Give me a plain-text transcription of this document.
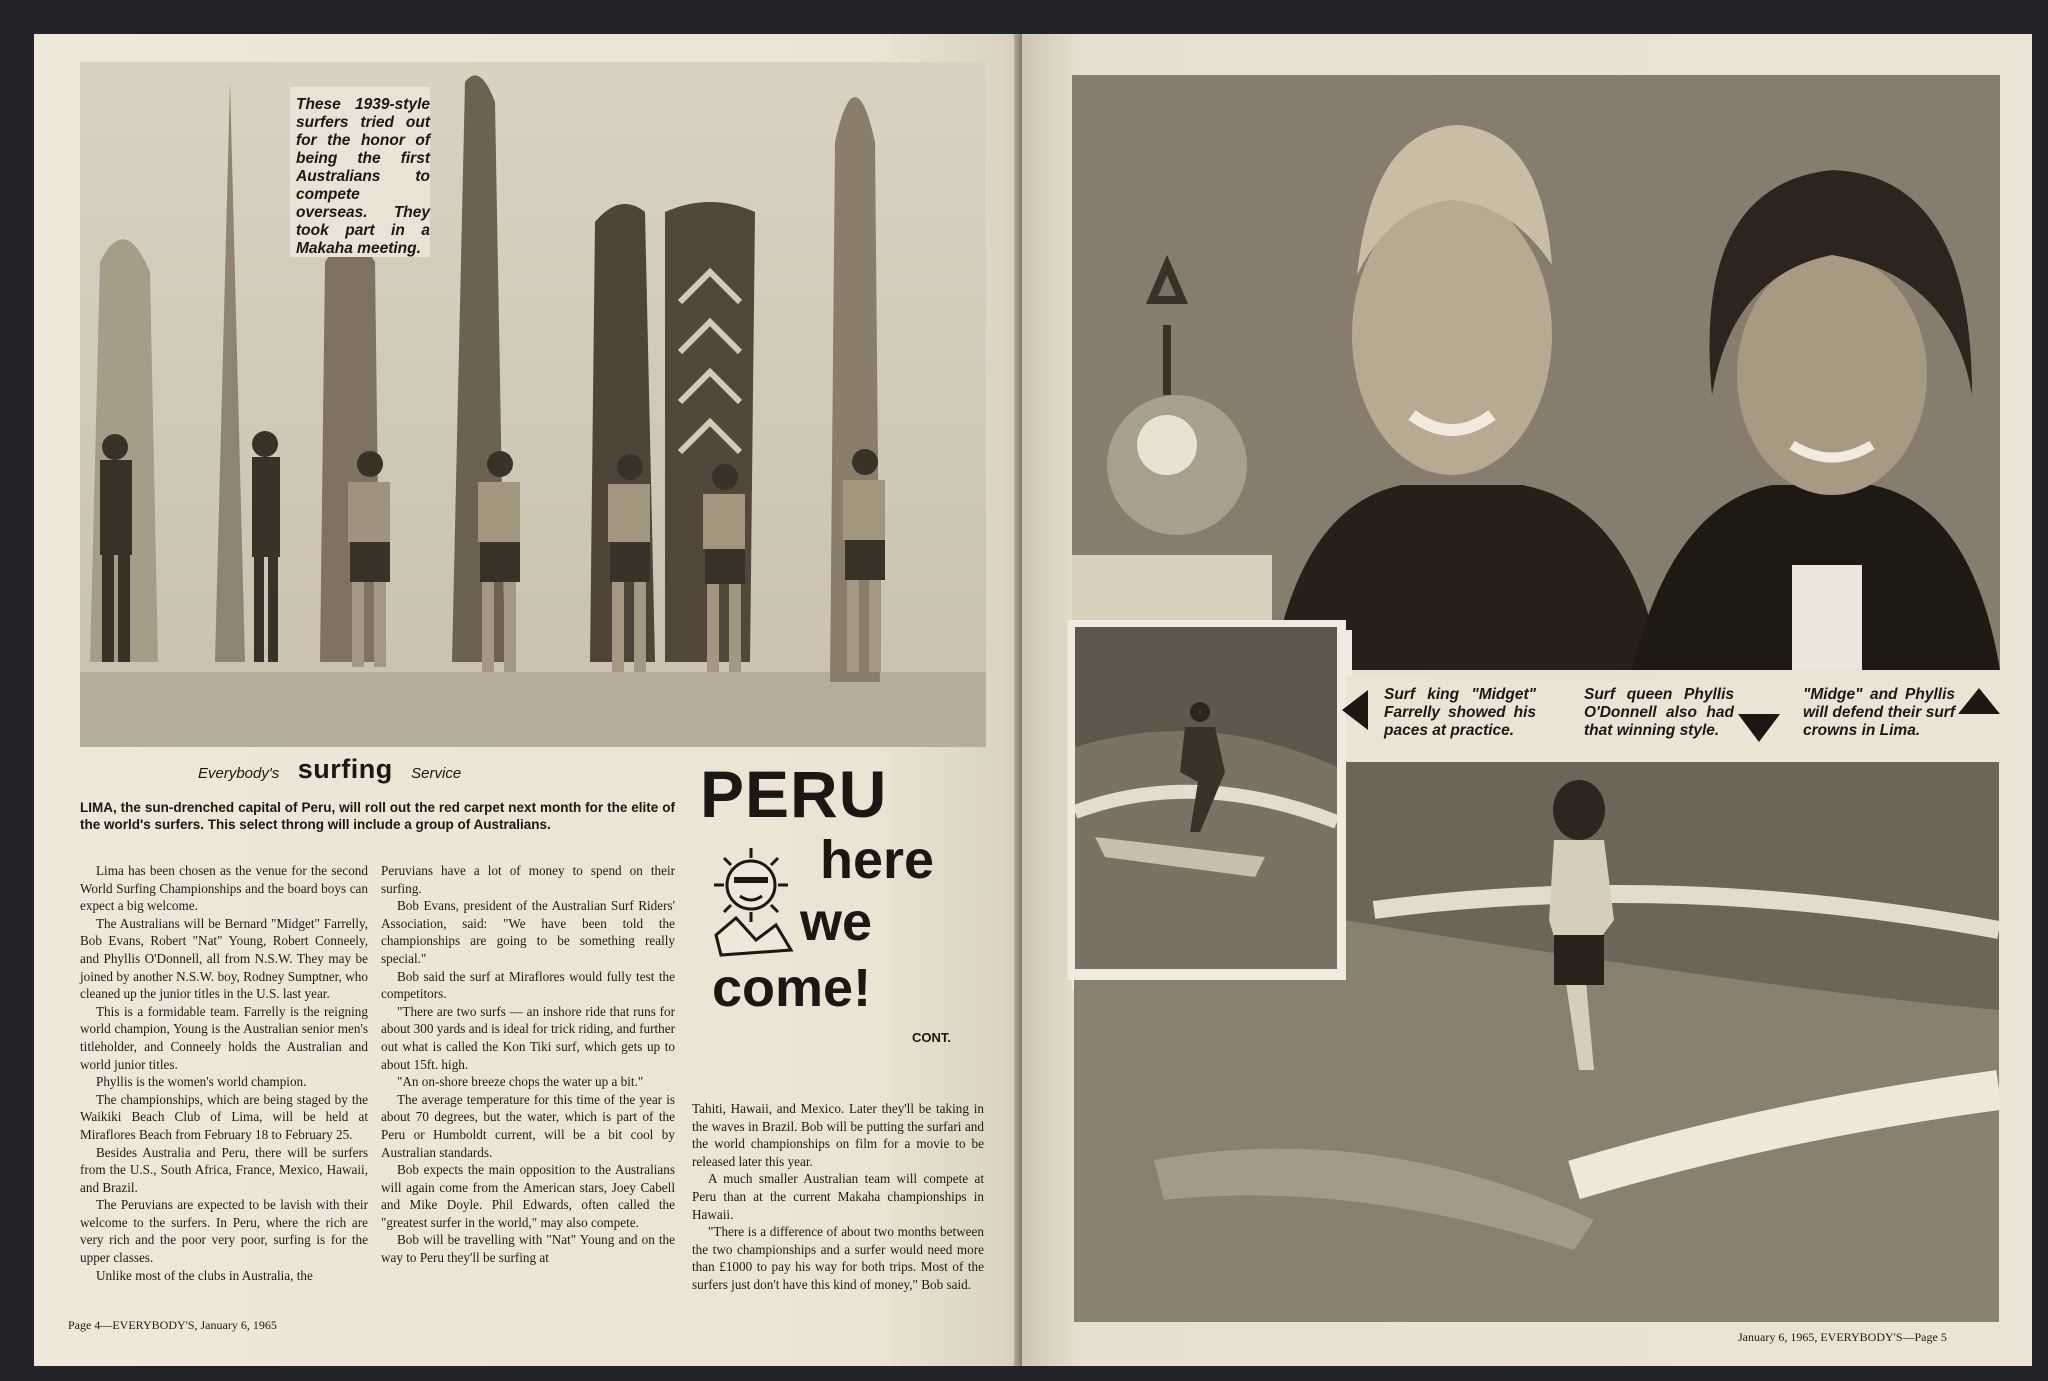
These 1939-style surfers tried out for the honor of being the first Australians to compete overseas. They took part in a Makaha meeting.
Everybody's surfing Service
LIMA, the sun-drenched capital of Peru, will roll out the red carpet next month for the elite of the world's surfers. This select throng will include a group of Australians.	PERU
here
we
come!
CONT.

Lima has been chosen as the venue for the second World Surfing Championships and the board boys can expect a big welcome.

The Australians will be Bernard "Midget" Farrelly, Bob Evans, Robert "Nat" Young, Robert Conneely, and Phyllis O'Donnell, all from N.S.W. They may be joined by another N.S.W. boy, Rodney Sumptner, who cleaned up the junior titles in the U.S. last year.

This is a formidable team. Farrelly is the reigning world champion, Young is the Australian senior men's titleholder, and Conneely holds the Australian and world junior titles.

Phyllis is the women's world champion.

The championships, which are being staged by the Waikiki Beach Club of Lima, will be held at Miraflores Beach from February 18 to February 25.

Besides Australia and Peru, there will be surfers from the U.S., South Africa, France, Mexico, Hawaii, and Brazil.

The Peruvians are expected to be lavish with their welcome to the surfers. In Peru, where the rich are very rich and the poor very poor, surfing is for the upper classes.

Unlike most of the clubs in Australia, the

Peruvians have a lot of money to spend on their surfing.

Bob Evans, president of the Australian Surf Riders' Association, said: "We have been told the championships are going to be something really special."

Bob said the surf at Miraflores would fully test the competitors.

"There are two surfs — an inshore ride that runs for about 300 yards and is ideal for trick riding, and further out what is called the Kon Tiki surf, which gets up to about 15ft. high.

"An on-shore breeze chops the water up a bit."

The average temperature for this time of the year is about 70 degrees, but the water, which is part of the Peru or Humboldt current, will be a bit cool by Australian standards.

Bob expects the main opposition to the Australians will again come from the American stars, Joey Cabell and Mike Doyle. Phil Edwards, often called the "greatest surfer in the world," may also compete.

Bob will be travelling with "Nat" Young and on the way to Peru they'll be surfing at

Tahiti, Hawaii, and Mexico. Later they'll be taking in the waves in Brazil. Bob will be putting the surfari and the world championships on film for a movie to be released later this year.

A much smaller Australian team will compete at Peru than at the current Makaha championships in Hawaii.

"There is a difference of about two months between the two championships and a surfer would need more than £1000 to pay his way for both trips. Most of the surfers just don't have this kind of money," Bob said.

Page 4—EVERYBODY'S, January 6, 1965
Surf king "Midget" Farrelly showed his paces at practice.
Surf queen Phyllis O'Donnell also had that winning style.
"Midge" and Phyllis will defend their surf crowns in Lima.
January 6, 1965, EVERYBODY'S—Page 5
